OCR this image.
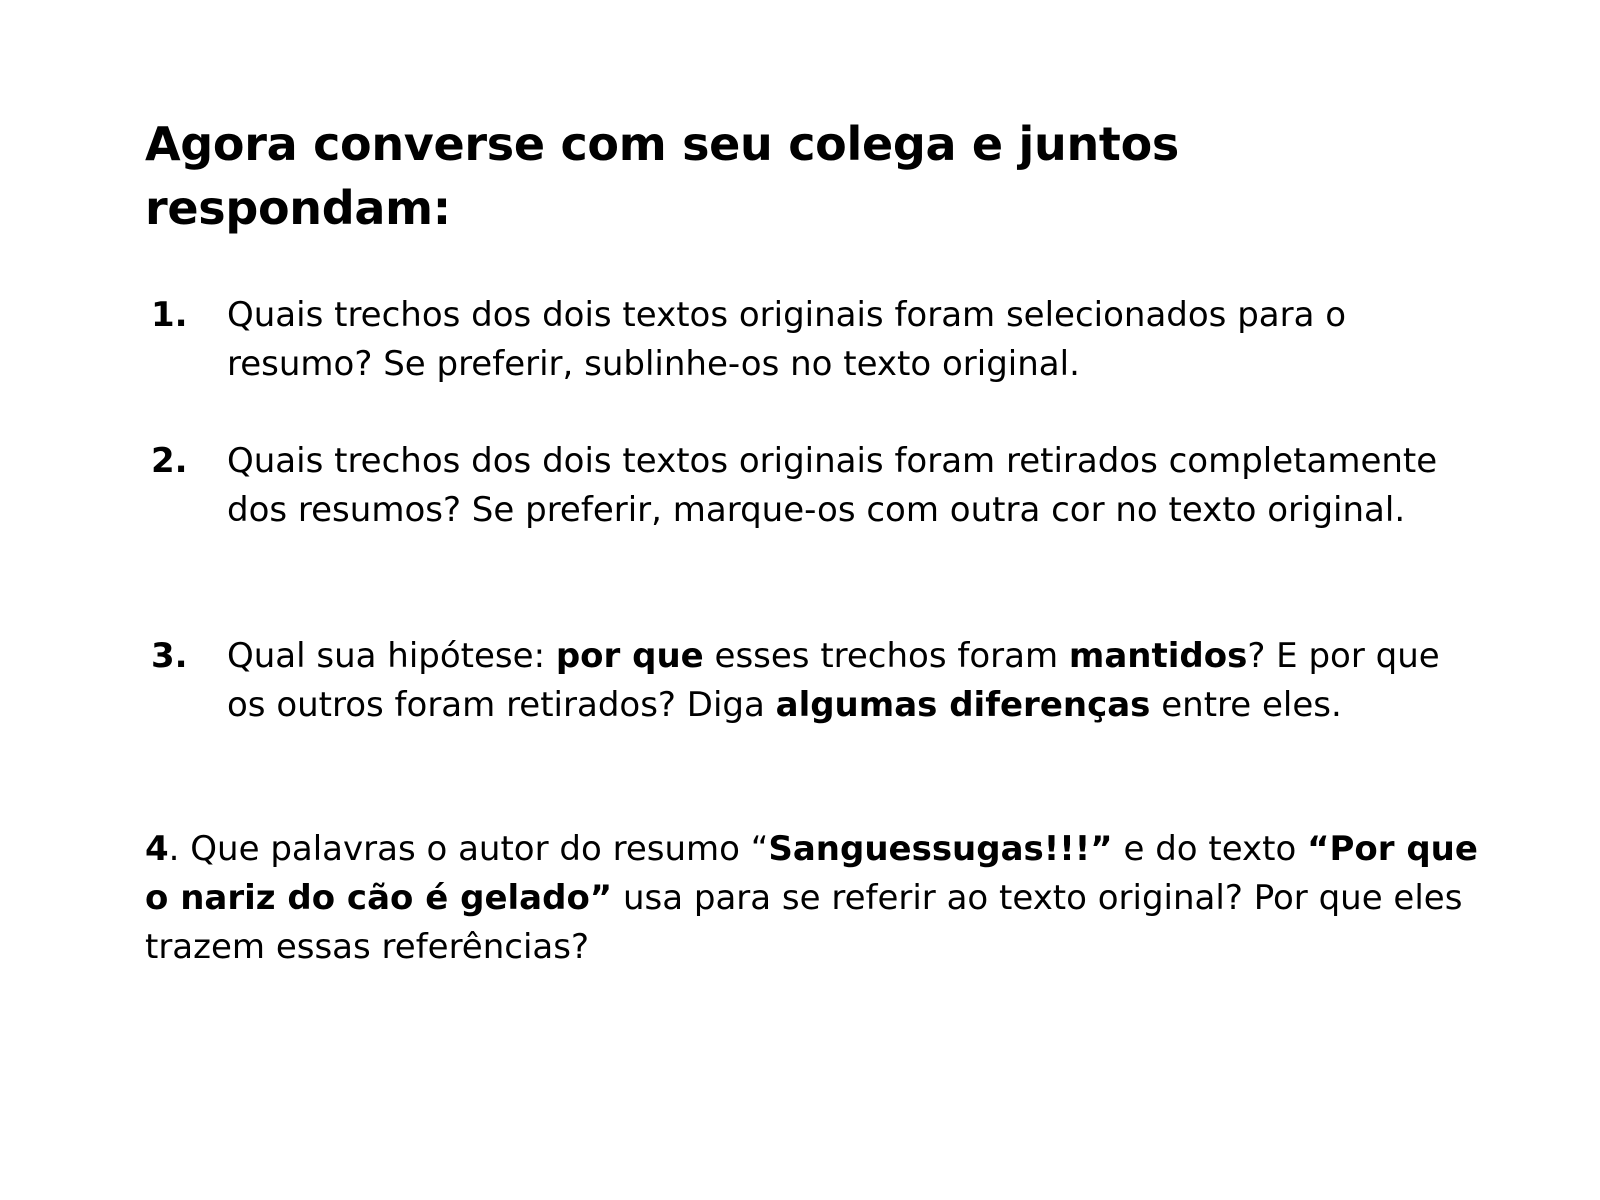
Agora converse com seu colega e juntos respondam:
1. Quais trechos dos dois textos originais foram selecionados para o resumo? Se preferir, sublinhe-os no texto original.
2. Quais trechos dos dois textos originais foram retirados completamente dos resumos? Se preferir, marque-os com outra cor no texto original.
3. Qual sua hipótese: por que esses trechos foram mantidos? E por que os outros foram retirados? Diga algumas diferenças entre eles.
4. Que palavras o autor do resumo “Sanguessugas!!!” e do texto “Por que o nariz do cão é gelado” usa para se referir ao texto original? Por que eles trazem essas referências?
